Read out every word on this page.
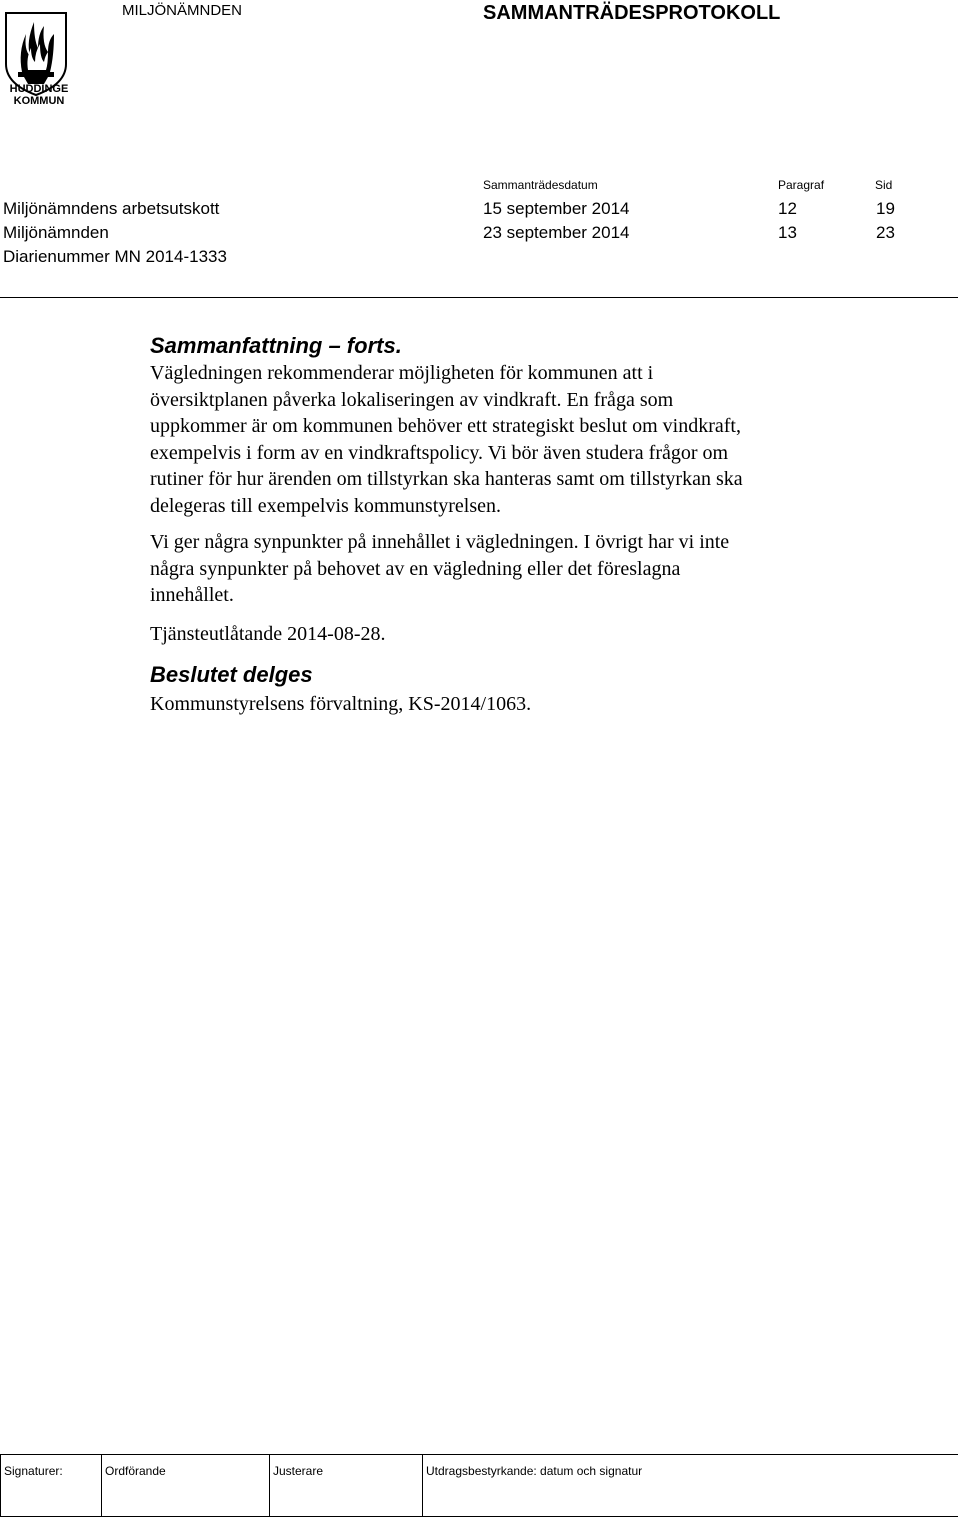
HUDDINGE
KOMMUN
MILJÖNÄMNDEN	SAMMANTRÄDESPROTOKOLL
Sammanträdesdatum	Paragraf	Sid
Miljönämndens arbetsutskott	15 september 2014	12	19
Miljönämnden	23 september 2014	13	23
Diarienummer MN 2014-1333

Sammanfattning – forts.

Vägledningen rekommenderar möjligheten för kommunen att i
översiktplanen påverka lokaliseringen av vindkraft. En fråga som
uppkommer är om kommunen behöver ett strategiskt beslut om vindkraft,
exempelvis i form av en vindkraftspolicy. Vi bör även studera frågor om
rutiner för hur ärenden om tillstyrkan ska hanteras samt om tillstyrkan ska
delegeras till exempelvis kommunstyrelsen.
Vi ger några synpunkter på innehållet i vägledningen. I övrigt har vi inte
några synpunkter på behovet av en vägledning eller det föreslagna
innehållet.
Tjänsteutlåtande 2014-08-28.

Beslutet delges

Kommunstyrelsens förvaltning, KS-2014/1063.
Signaturer:	Ordförande	Justerare	Utdragsbestyrkande: datum och signatur
